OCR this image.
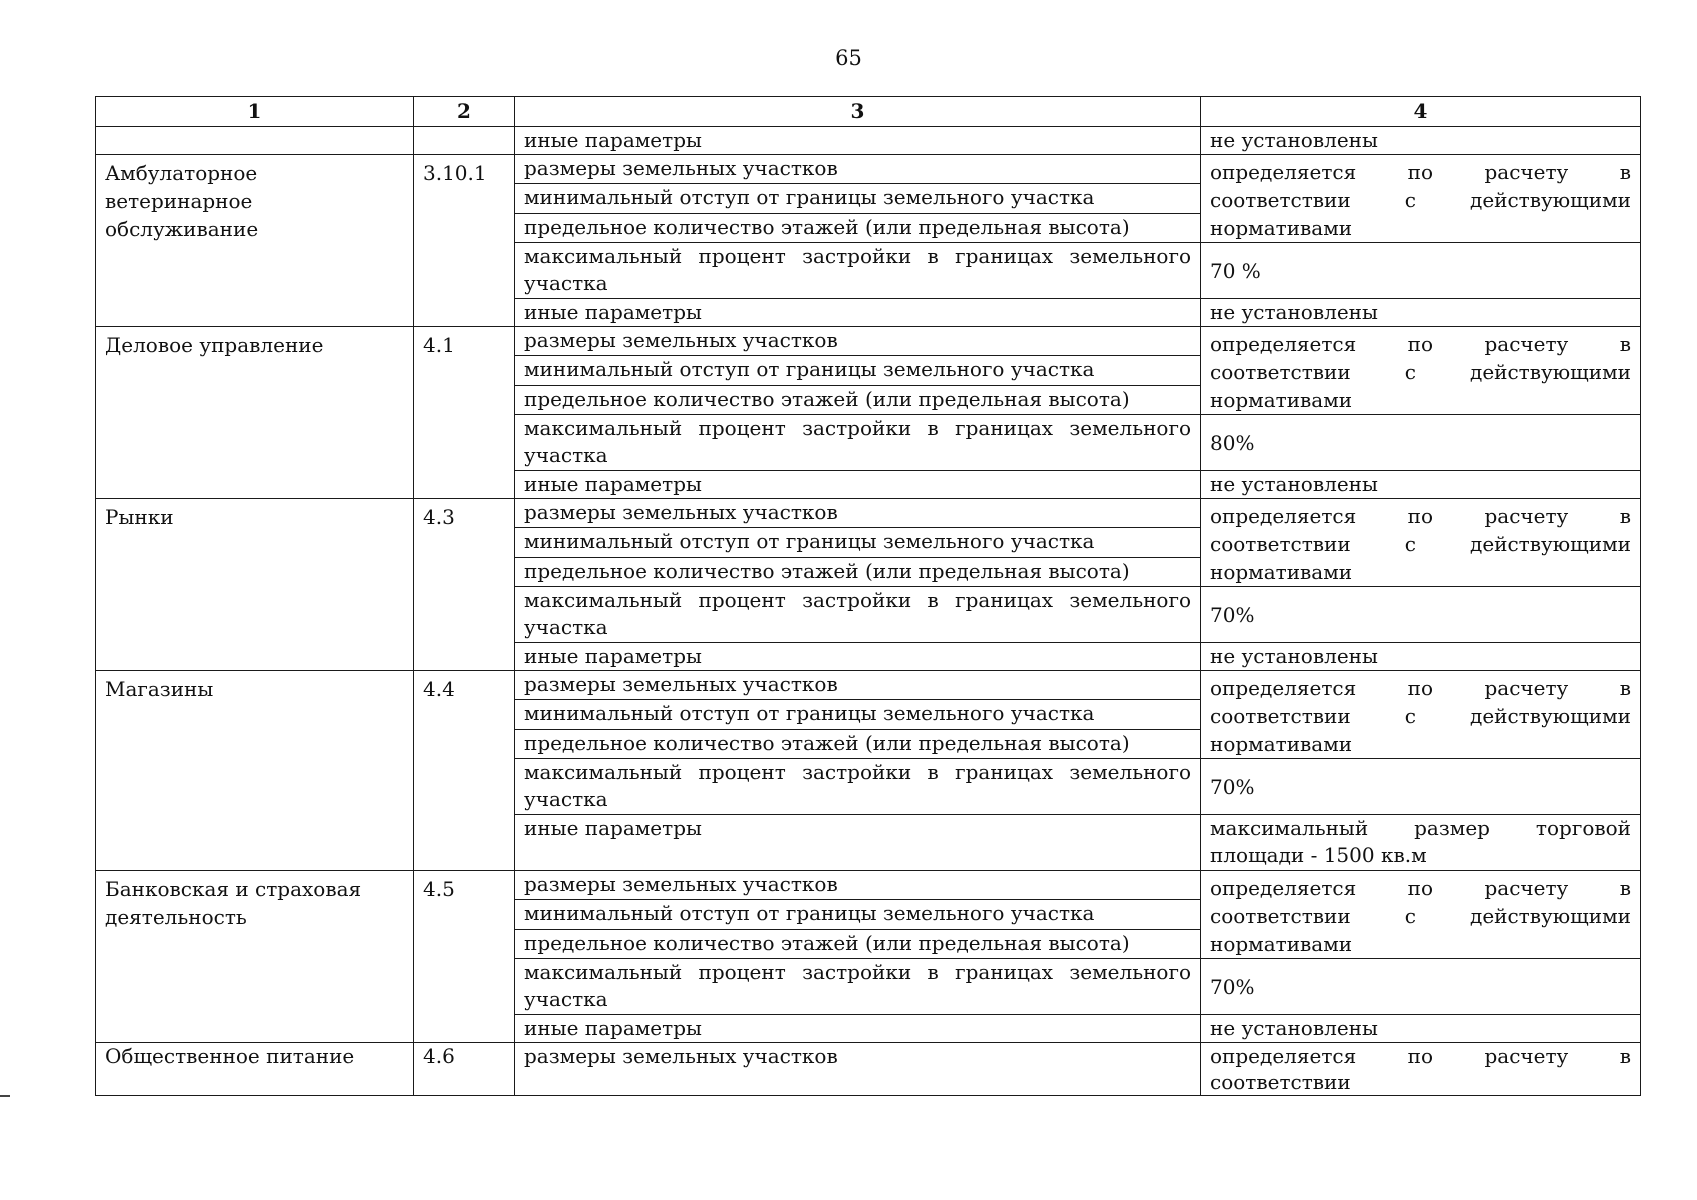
65
1	2	3	4
		иные параметры	не установлены
Амбулаторное ветеринарное обслуживание	3.10.1	размеры земельных участков	определяется по расчету в соответствии с действующими нормативами
		минимальный отступ от границы земельного участка	
		предельное количество этажей (или предельная высота)	
		максимальный процент застройки в границах земельного участка	70 %
		иные параметры	не установлены
Деловое управление	4.1	размеры земельных участков	определяется по расчету в соответствии с действующими нормативами
		минимальный отступ от границы земельного участка	
		предельное количество этажей (или предельная высота)	
		максимальный процент застройки в границах земельного участка	80%
		иные параметры	не установлены
Рынки	4.3	размеры земельных участков	определяется по расчету в соответствии с действующими нормативами
		минимальный отступ от границы земельного участка	
		предельное количество этажей (или предельная высота)	
		максимальный процент застройки в границах земельного участка	70%
		иные параметры	не установлены
Магазины	4.4	размеры земельных участков	определяется по расчету в соответствии с действующими нормативами
		минимальный отступ от границы земельного участка	
		предельное количество этажей (или предельная высота)	
		максимальный процент застройки в границах земельного участка	70%
		иные параметры	максимальный размер торговой площади - 1500 кв.м
Банковская и страховая деятельность	4.5	размеры земельных участков	определяется по расчету в соответствии с действующими нормативами
		минимальный отступ от границы земельного участка	
		предельное количество этажей (или предельная высота)	
		максимальный процент застройки в границах земельного участка	70%
		иные параметры	не установлены
Общественное питание	4.6	размеры земельных участков	определяется по расчету в соответствии
